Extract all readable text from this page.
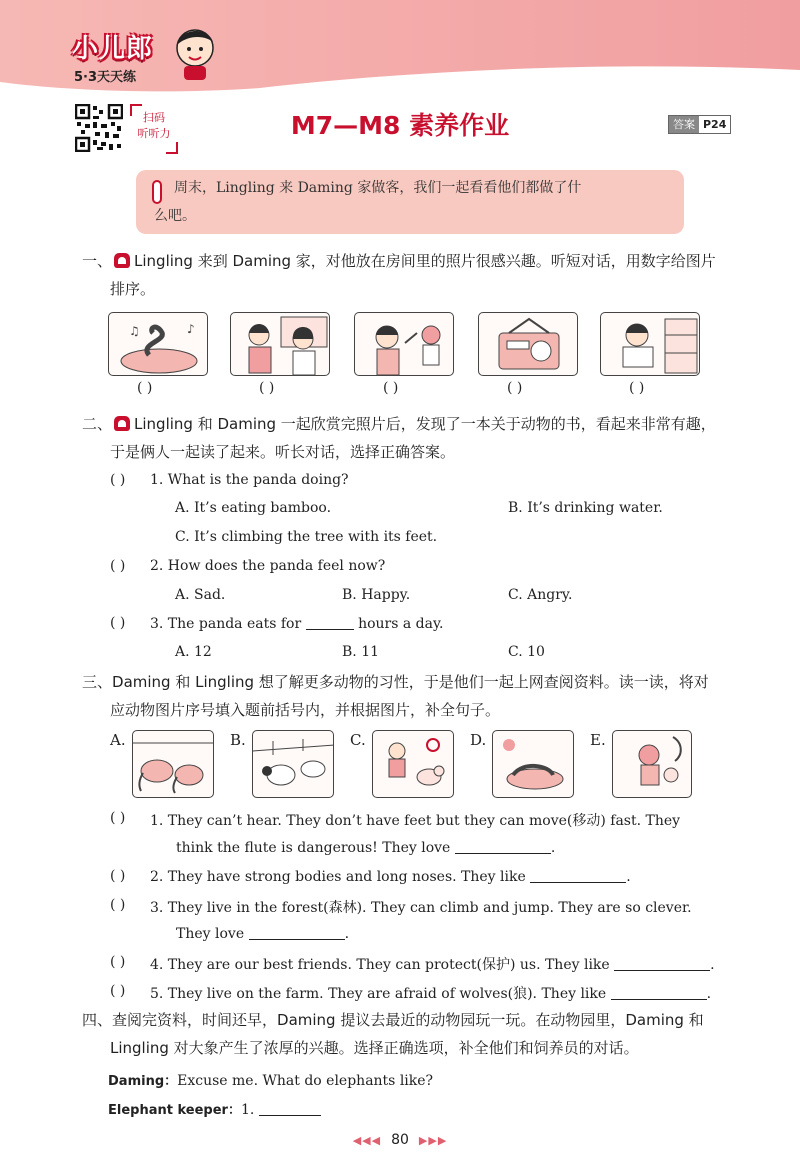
小儿郎
5·3天天练
扫码
听听力	M7—M8 素养作业	答案 P24
周末，Lingling 来 Daming 家做客，我们一起看看他们都做了什
么吧。
一、 Lingling 来到 Daming 家，对他放在房间里的照片很感兴趣。听短对话，用数字给图片
排序。
♪
♫
( )	( )	( )	( )	( )
二、 Lingling 和 Daming 一起欣赏完照片后，发现了一本关于动物的书，看起来非常有趣，
于是俩人一起读了起来。听长对话，选择正确答案。
( ) 1. What is the panda doing?
A. It’s eating bamboo.	B. It’s drinking water.
C. It’s climbing the tree with its feet.
( ) 2. How does the panda feel now?
A. Sad.	B. Happy.	C. Angry.
( ) 3. The panda eats for	hours a day.
A. 12	B. 11	C. 10
三、Daming 和 Lingling 想了解更多动物的习性，于是他们一起上网查阅资料。读一读，将对
应动物图片序号填入题前括号内，并根据图片，补全句子。
A.	B.	C.	D.	E.
( ) 1. They can’t hear. They don’t have feet but they can move(移动) fast. They
think the flute is dangerous! They love	.
( ) 2. They have strong bodies and long noses. They like	.
( ) 3. They live in the forest(森林). They can climb and jump. They are so clever.
They love	.
( ) 4. They are our best friends. They can protect(保护) us. They like	.
( ) 5. They live on the farm. They are afraid of wolves(狼). They like	.
四、查阅完资料，时间还早，Daming 提议去最近的动物园玩一玩。在动物园里，Daming 和
Lingling 对大象产生了浓厚的兴趣。选择正确选项，补全他们和饲养员的对话。
Daming：Excuse me. What do elephants like?
Elephant keeper：1.
◀◀◀ 80 ▶▶▶
